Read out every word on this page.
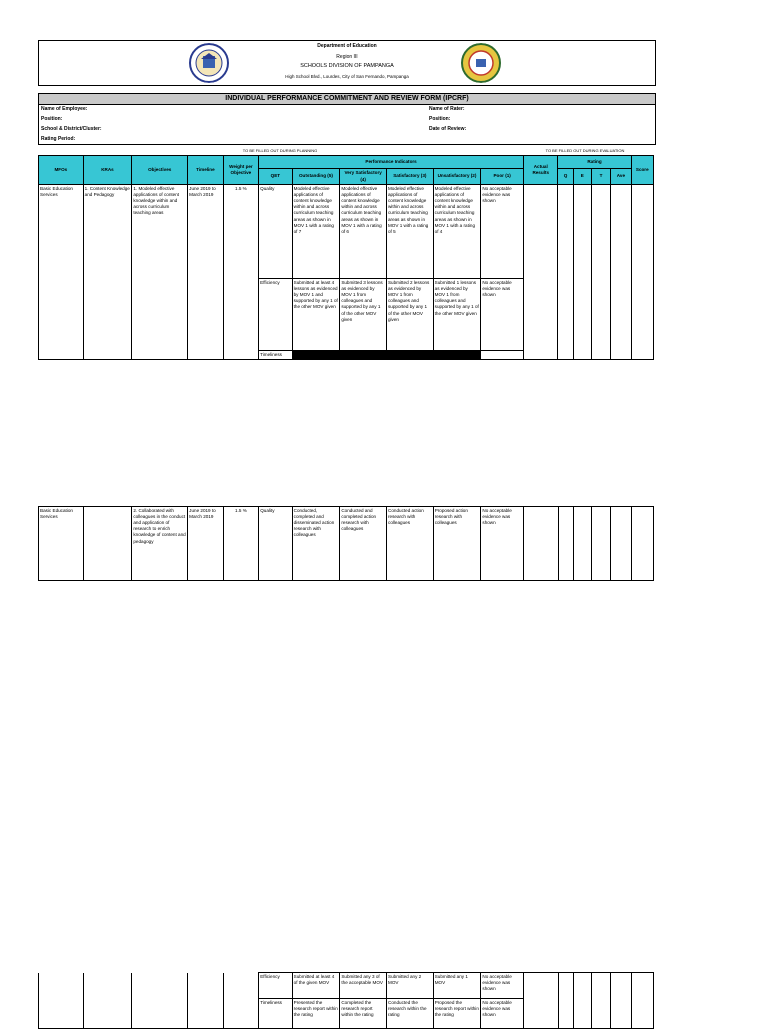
Department of Education
Region III
SCHOOLS DIVISION OF PAMPANGA
High School Blvd., Lourdes, City of San Fernando, Pampanga
INDIVIDUAL PERFORMANCE COMMITMENT AND REVIEW FORM (IPCRF)
Name of Employee:
Position:
School & District/Cluster:
Rating Period:
Name of Rater:
Position:
Date of Review:
TO BE FILLED OUT DURING PLANNING	TO BE FILLED OUT DURING EVALUATION
MFOs	KRAs	Objectives	Timeline	Weight per Objective	Performance Indicators						Actual Results	Rating				Score
					QET	Outstanding (5)	Very Satisfactory (4)	Satisfactory (3)	Unsatisfactory (2)	Poor (1)		Q	E	T	Ave	
Basic Education Services	1. Content Knowledge and Pedagogy	1. Modeled effective applications of content knowledge within and across curriculum teaching areas	June 2019 to March 2019	1.5 %	Quality	Modeled effective applications of content knowledge within and across curriculum teaching areas as shown in MOV 1 with a rating of 7	Modeled effective applications of content knowledge within and across curriculum teaching areas as shown in MOV 1 with a rating of 6	Modeled effective applications of content knowledge within and across curriculum teaching areas as shown in MOV 1 with a rating of 5	Modeled effective applications of content knowledge within and across curriculum teaching areas as shown in MOV 1 with a rating of 4	No acceptable evidence was shown						
					Efficiency	Submitted at least 4 lessons as evidenced by MOV 1 and supported by any 1 of the other MOV given	Submitted 3 lessons as evidenced by MOV 1 from colleagues and supported by any 1 of the other MOV given	Submitted 2 lessons as evidenced by MOV 1 from colleagues and supported by any 1 of the other MOV given	Submitted 1 lessons as evidenced by MOV 1 from colleagues and supported by any 1 of the other MOV given	No acceptable evidence was shown						
					Timeliness											
Basic Education Services		2. Collaborated with colleagues in the conduct and application of research to enrich knowledge of content and pedagogy	June 2019 to March 2019	1.5 %	Quality	Conducted, completed and disseminated action research with colleagues	Conducted and completed action research with colleagues	Conducted action research with colleagues	Proposed action research with colleagues	No acceptable evidence was shown						
					Efficiency	Submitted at least 4 of the given MOV	Submitted any 3 of the acceptable MOV	Submitted any 2 MOV	Submitted any 1 MOV	No acceptable evidence was shown						
					Timeliness	Presented the research report within the rating	Completed the research report within the rating	Conducted the research within the rating	Proposed the research report within the rating	No acceptable evidence was shown						
